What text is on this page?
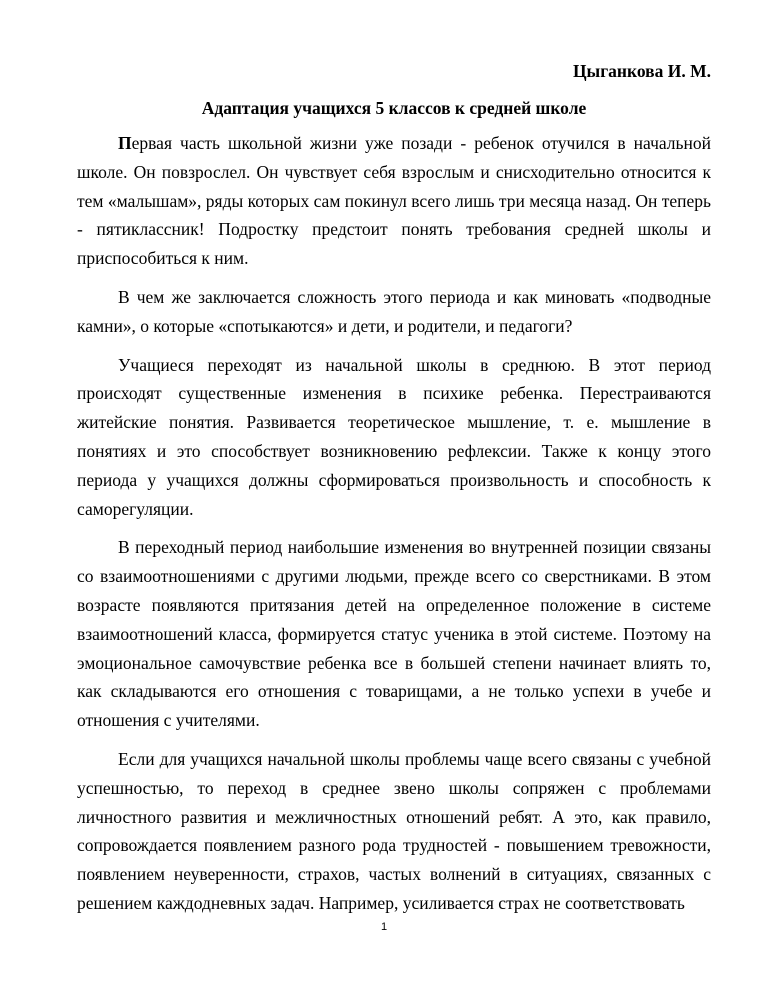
Цыганкова И. М.
Адаптация учащихся 5 классов к средней школе

Первая часть школьной жизни уже позади - ребенок отучился в начальной школе. Он повзрослел. Он чувствует себя взрослым и снисходительно относится к тем «малышам», ряды которых сам покинул всего лишь три месяца назад. Он теперь - пятиклассник! Подростку предстоит понять требования средней школы и приспособиться к ним.

В чем же заключается сложность этого периода и как миновать «подводные камни», о которые «спотыкаются» и дети, и родители, и педагоги?

Учащиеся переходят из начальной школы в среднюю. В этот период происходят существенные изменения в психике ребенка. Перестраиваются житейские понятия. Развивается теоретическое мышление, т. е. мышление в понятиях и это способствует возникновению рефлексии. Также к концу этого периода у учащихся должны сформироваться произвольность и способность к саморегуляции.

В переходный период наибольшие изменения во внутренней позиции связаны со взаимоотношениями с другими людьми, прежде всего со сверстниками. В этом возрасте появляются притязания детей на определенное положение в системе взаимоотношений класса, формируется статус ученика в этой системе. Поэтому на эмоциональное самочувствие ребенка все в большей степени начинает влиять то, как складываются его отношения с товарищами, а не только успехи в учебе и отношения с учителями.

Если для учащихся начальной школы проблемы чаще всего связаны с учебной успешностью, то переход в среднее звено школы сопряжен с проблемами личностного развития и межличностных отношений ребят. А это, как правило, сопровождается появлением разного рода трудностей - повышением тревожности, появлением неуверенности, страхов, частых волнений в ситуациях, связанных с решением каждодневных задач. Например, усиливается страх не соответствовать

1
